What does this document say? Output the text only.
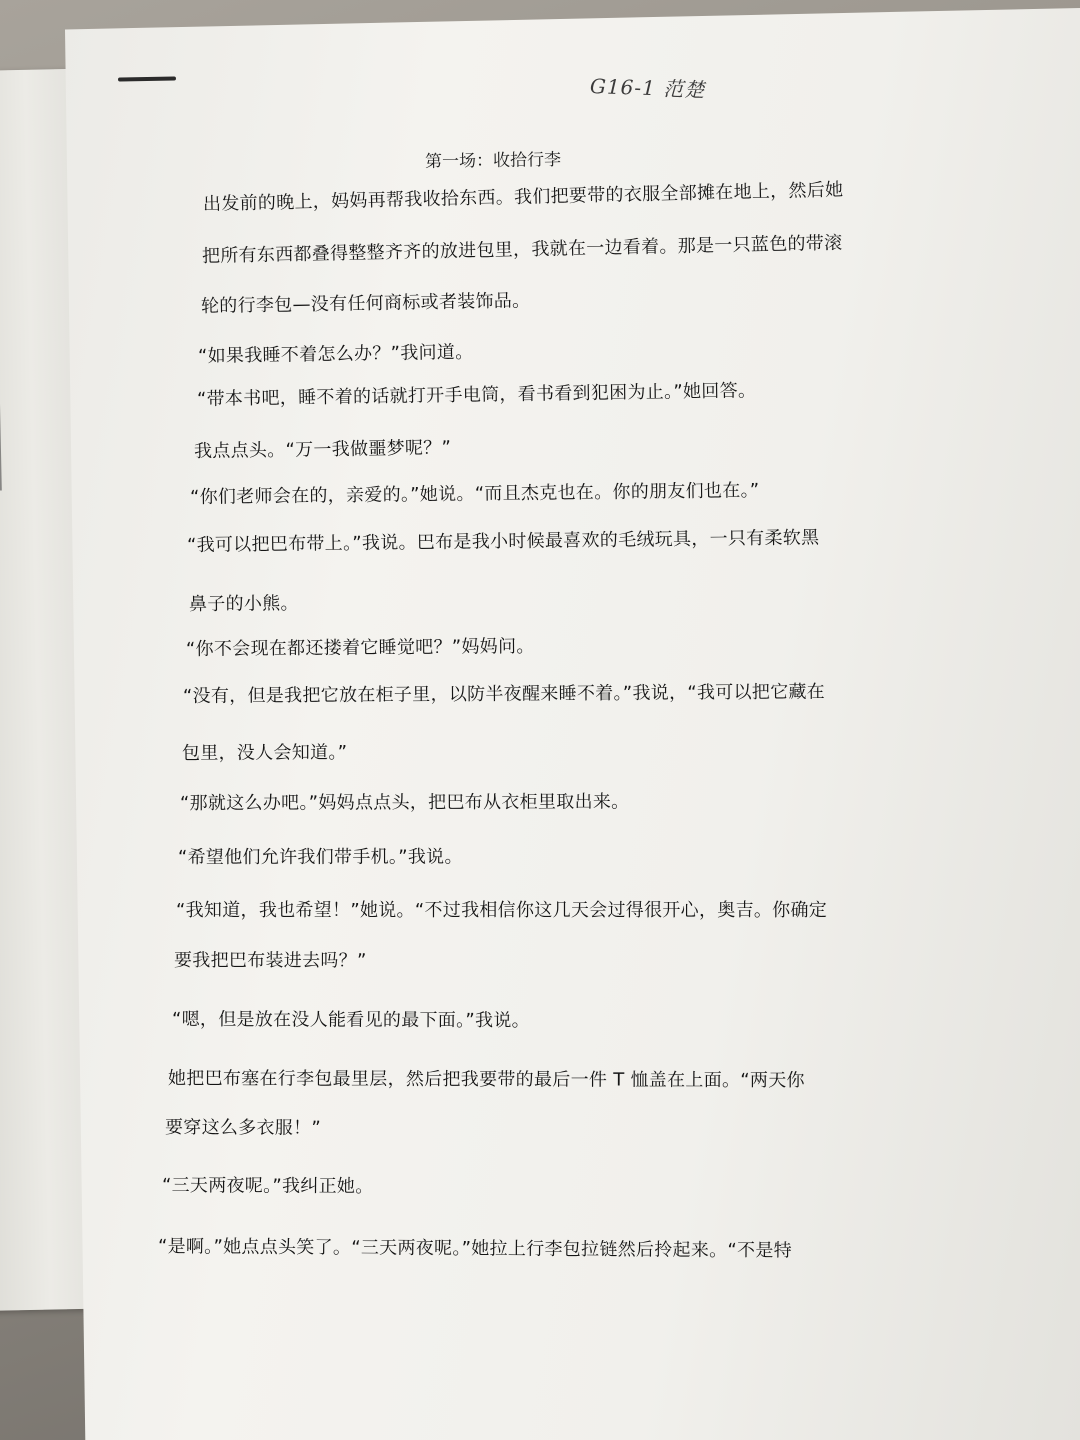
G16-1 范楚
第一场：收拾行李
出发前的晚上，妈妈再帮我收拾东西。我们把要带的衣服全部摊在地上，然后她
把所有东西都叠得整整齐齐的放进包里，我就在一边看着。那是一只蓝色的带滚
轮的行李包—没有任何商标或者装饰品。
“如果我睡不着怎么办？”我问道。
“带本书吧，睡不着的话就打开手电筒，看书看到犯困为止。”她回答。
我点点头。“万一我做噩梦呢？”
“你们老师会在的，亲爱的。”她说。“而且杰克也在。你的朋友们也在。”
“我可以把巴布带上。”我说。巴布是我小时候最喜欢的毛绒玩具，一只有柔软黑
鼻子的小熊。
“你不会现在都还搂着它睡觉吧？”妈妈问。
“没有，但是我把它放在柜子里，以防半夜醒来睡不着。”我说，“我可以把它藏在
包里，没人会知道。”
“那就这么办吧。”妈妈点点头，把巴布从衣柜里取出来。
“希望他们允许我们带手机。”我说。
“我知道，我也希望！”她说。“不过我相信你这几天会过得很开心，奥吉。你确定
要我把巴布装进去吗？”
“嗯，但是放在没人能看见的最下面。”我说。
她把巴布塞在行李包最里层，然后把我要带的最后一件 T 恤盖在上面。“两天你
要穿这么多衣服！”
“三天两夜呢。”我纠正她。
“是啊。”她点点头笑了。“三天两夜呢。”她拉上行李包拉链然后拎起来。“不是特
